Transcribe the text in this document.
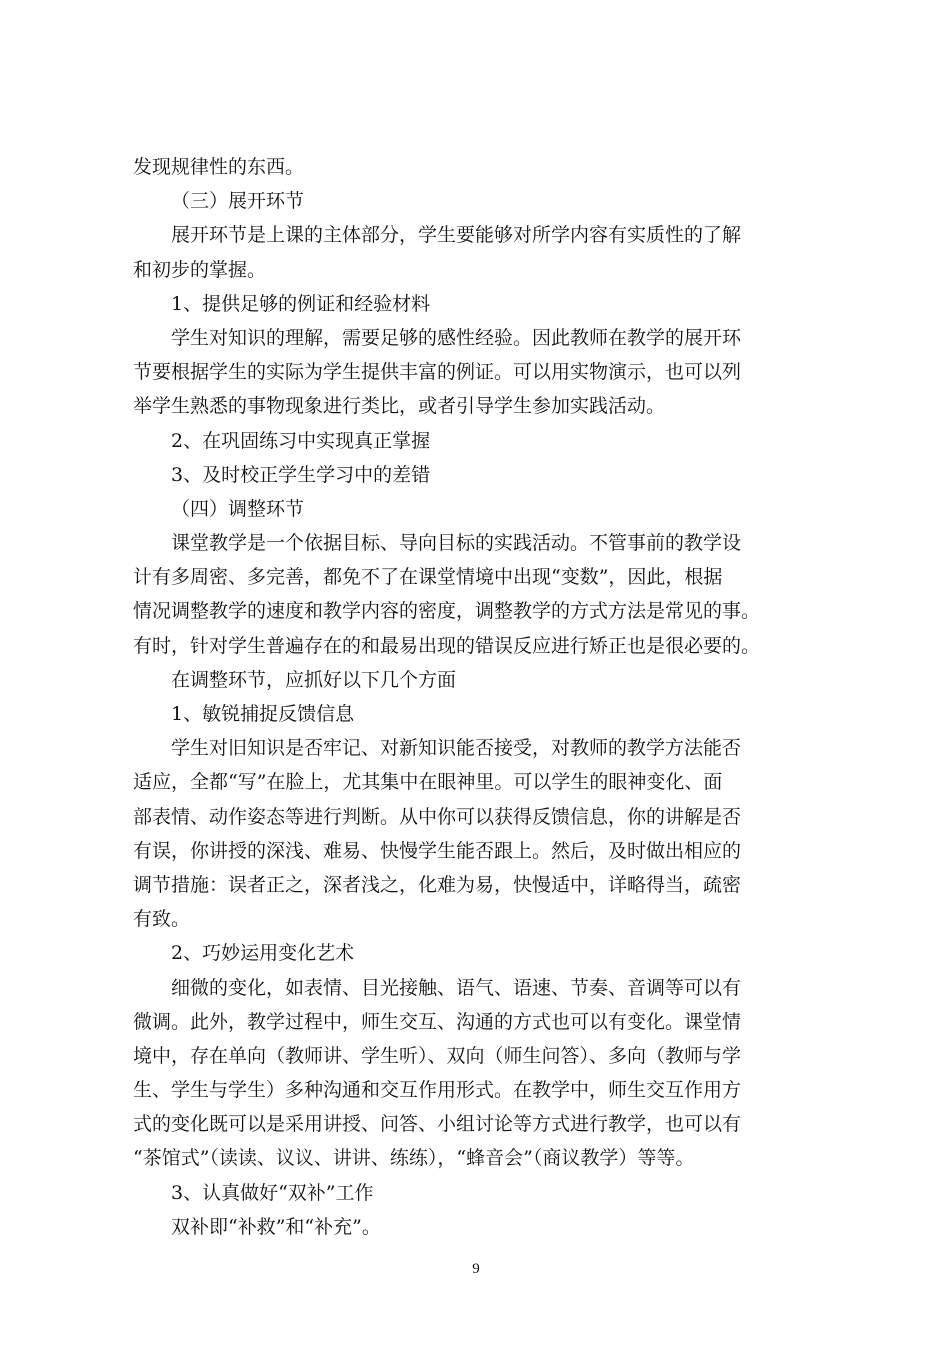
发现规律性的东西。
（三）展开环节
展开环节是上课的主体部分，学生要能够对所学内容有实质性的了解
和初步的掌握。
1、提供足够的例证和经验材料
学生对知识的理解，需要足够的感性经验。因此教师在教学的展开环
节要根据学生的实际为学生提供丰富的例证。可以用实物演示，也可以列
举学生熟悉的事物现象进行类比，或者引导学生参加实践活动。
2、在巩固练习中实现真正掌握
3、及时校正学生学习中的差错
（四）调整环节
课堂教学是一个依据目标、导向目标的实践活动。不管事前的教学设
计有多周密、多完善，都免不了在课堂情境中出现“变数”，因此，根据
情况调整教学的速度和教学内容的密度，调整教学的方式方法是常见的事。
有时，针对学生普遍存在的和最易出现的错误反应进行矫正也是很必要的。
在调整环节，应抓好以下几个方面
1、敏锐捕捉反馈信息
学生对旧知识是否牢记、对新知识能否接受，对教师的教学方法能否
适应，全都“写”在脸上，尤其集中在眼神里。可以学生的眼神变化、面
部表情、动作姿态等进行判断。从中你可以获得反馈信息，你的讲解是否
有误，你讲授的深浅、难易、快慢学生能否跟上。然后，及时做出相应的
调节措施：误者正之，深者浅之，化难为易，快慢适中，详略得当，疏密
有致。
2、巧妙运用变化艺术
细微的变化，如表情、目光接触、语气、语速、节奏、音调等可以有
微调。此外，教学过程中，师生交互、沟通的方式也可以有变化。课堂情
境中，存在单向（教师讲、学生听）、双向（师生问答）、多向（教师与学
生、学生与学生）多种沟通和交互作用形式。在教学中，师生交互作用方
式的变化既可以是采用讲授、问答、小组讨论等方式进行教学，也可以有
“茶馆式”（读读、议议、讲讲、练练），“蜂音会”（商议教学）等等。
3、认真做好“双补”工作
双补即“补救”和“补充”。
9
